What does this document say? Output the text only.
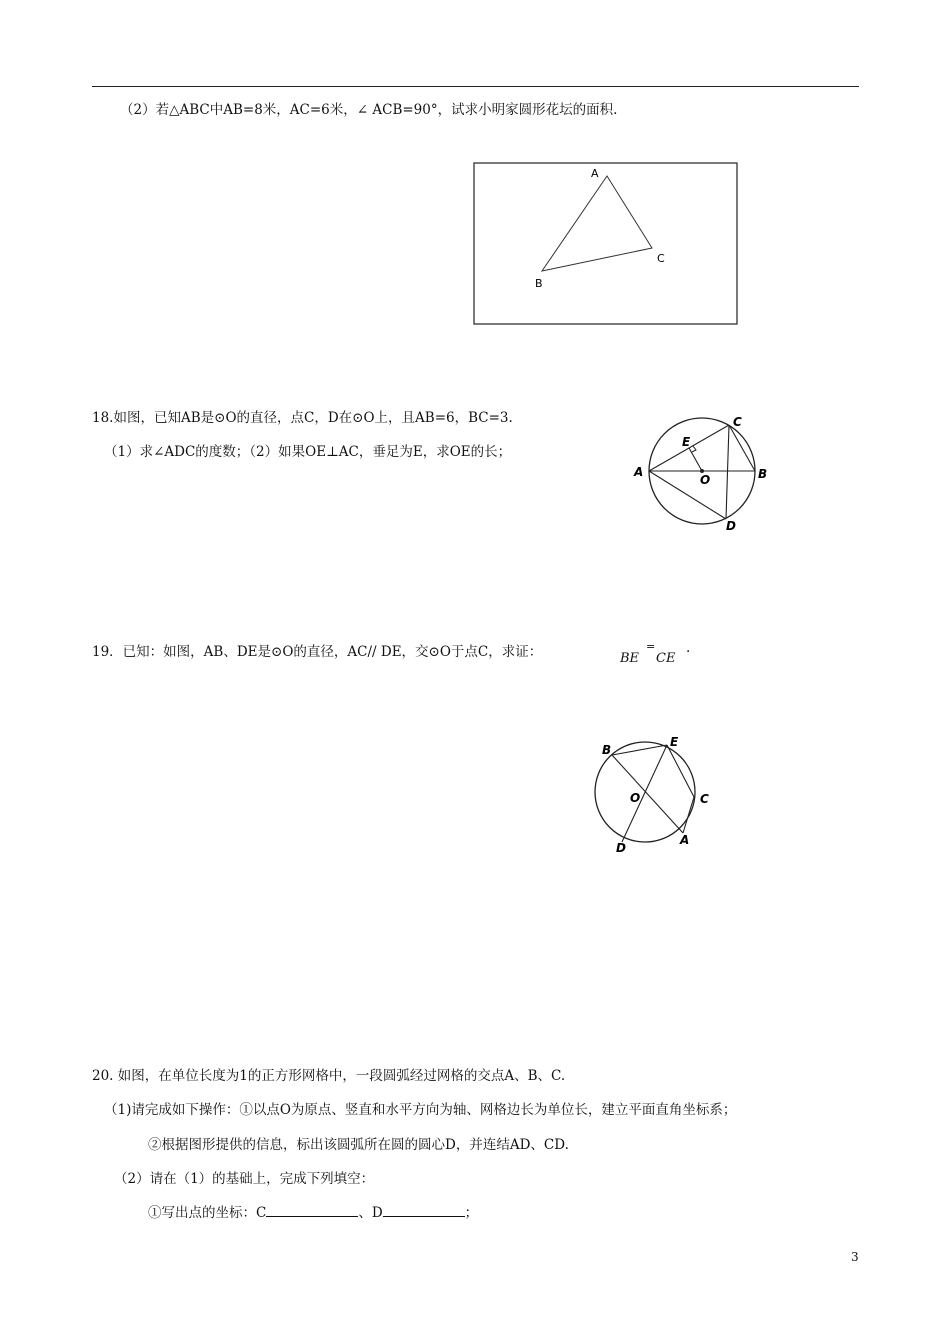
（2）若△ABC中AB=8米，AC=6米，∠ ACB=90°，试求小明家圆形花坛的面积.
A
B
C
18.如图，已知AB是⊙O的直径，点C，D在⊙O上，且AB=6，BC=3.
（1）求∠ADC的度数；（2）如果OE⊥AC，垂足为E，求OE的长；
A	B
C
D
E
O
19．已知：如图，AB、DE是⊙O的直径，AC// DE，交⊙O于点C，求证：	BE
=
CE
.
B
E
C
A
D
O
20. 如图，在单位长度为1的正方形网格中，一段圆弧经过网格的交点A、B、C.
（1)请完成如下操作：①以点O为原点、竖直和水平方向为轴、网格边长为单位长，建立平面直角坐标系；
②根据图形提供的信息，标出该圆弧所在圆的圆心D，并连结AD、CD.
（2）请在（1）的基础上，完成下列填空：
①写出点的坐标：C	、D	；
3
